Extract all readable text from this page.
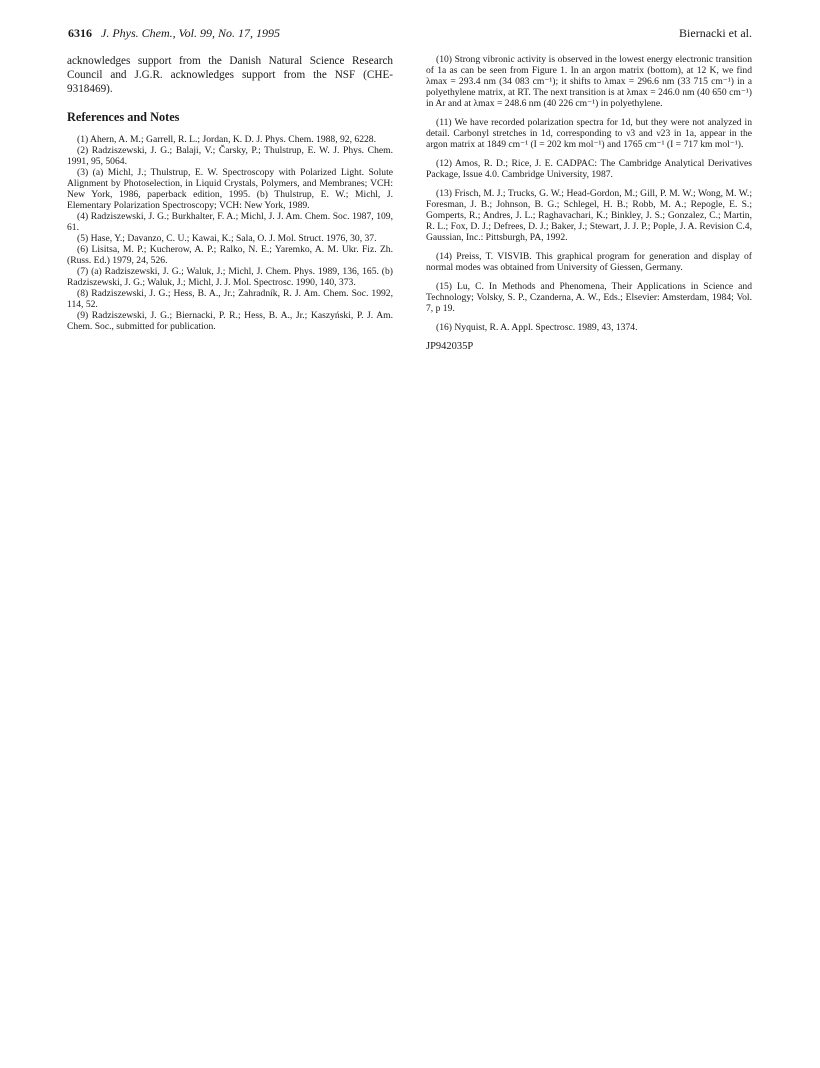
6316 J. Phys. Chem., Vol. 99, No. 17, 1995	Biernacki et al.

acknowledges support from the Danish Natural Science Research Council and J.G.R. acknowledges support from the NSF (CHE-9318469).

References and Notes

(1) Ahern, A. M.; Garrell, R. L.; Jordan, K. D. J. Phys. Chem. 1988, 92, 6228.

(2) Radziszewski, J. G.; Balaji, V.; Čarsky, P.; Thulstrup, E. W. J. Phys. Chem. 1991, 95, 5064.

(3) (a) Michl, J.; Thulstrup, E. W. Spectroscopy with Polarized Light. Solute Alignment by Photoselection, in Liquid Crystals, Polymers, and Membranes; VCH: New York, 1986, paperback edition, 1995. (b) Thulstrup, E. W.; Michl, J. Elementary Polarization Spectroscopy; VCH: New York, 1989.

(4) Radziszewski, J. G.; Burkhalter, F. A.; Michl, J. J. Am. Chem. Soc. 1987, 109, 61.

(5) Hase, Y.; Davanzo, C. U.; Kawai, K.; Sala, O. J. Mol. Struct. 1976, 30, 37.

(6) Lisitsa, M. P.; Kucherow, A. P.; Ralko, N. E.; Yaremko, A. M. Ukr. Fiz. Zh. (Russ. Ed.) 1979, 24, 526.

(7) (a) Radziszewski, J. G.; Waluk, J.; Michl, J. Chem. Phys. 1989, 136, 165. (b) Radziszewski, J. G.; Waluk, J.; Michl, J. J. Mol. Spectrosc. 1990, 140, 373.

(8) Radziszewski, J. G.; Hess, B. A., Jr.; Zahradník, R. J. Am. Chem. Soc. 1992, 114, 52.

(9) Radziszewski, J. G.; Biernacki, P. R.; Hess, B. A., Jr.; Kaszyński, P. J. Am. Chem. Soc., submitted for publication.

(10) Strong vibronic activity is observed in the lowest energy electronic transition of 1a as can be seen from Figure 1. In an argon matrix (bottom), at 12 K, we find λmax = 293.4 nm (34 083 cm⁻¹); it shifts to λmax = 296.6 nm (33 715 cm⁻¹) in a polyethylene matrix, at RT. The next transition is at λmax = 246.0 nm (40 650 cm⁻¹) in Ar and at λmax = 248.6 nm (40 226 cm⁻¹) in polyethylene.

(11) We have recorded polarization spectra for 1d, but they were not analyzed in detail. Carbonyl stretches in 1d, corresponding to ν3 and ν23 in 1a, appear in the argon matrix at 1849 cm⁻¹ (I = 202 km mol⁻¹) and 1765 cm⁻¹ (I = 717 km mol⁻¹).

(12) Amos, R. D.; Rice, J. E. CADPAC: The Cambridge Analytical Derivatives Package, Issue 4.0. Cambridge University, 1987.

(13) Frisch, M. J.; Trucks, G. W.; Head-Gordon, M.; Gill, P. M. W.; Wong, M. W.; Foresman, J. B.; Johnson, B. G.; Schlegel, H. B.; Robb, M. A.; Repogle, E. S.; Gomperts, R.; Andres, J. L.; Raghavachari, K.; Binkley, J. S.; Gonzalez, C.; Martin, R. L.; Fox, D. J.; Defrees, D. J.; Baker, J.; Stewart, J. J. P.; Pople, J. A. Revision C.4, Gaussian, Inc.: Pittsburgh, PA, 1992.

(14) Preiss, T. VISVIB. This graphical program for generation and display of normal modes was obtained from University of Giessen, Germany.

(15) Lu, C. In Methods and Phenomena, Their Applications in Science and Technology; Volsky, S. P., Czanderna, A. W., Eds.; Elsevier: Amsterdam, 1984; Vol. 7, p 19.

(16) Nyquist, R. A. Appl. Spectrosc. 1989, 43, 1374.

JP942035P
